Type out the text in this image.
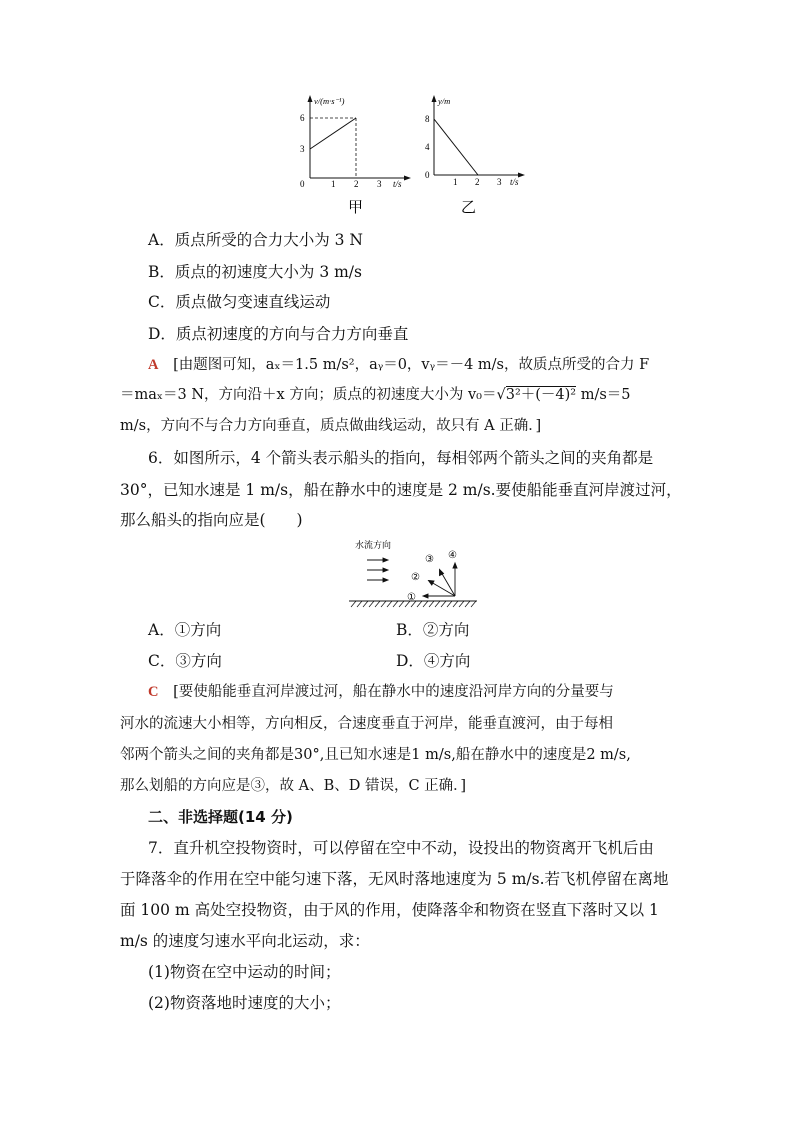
v/(m·s⁻¹)
6
3
0	1 2 3 t/s
甲
y/m
8
4
0
1 2 3 t/s
乙
A．质点所受的合力大小为 3 N
B．质点的初速度大小为 3 m/s
C．质点做匀变速直线运动
D．质点初速度的方向与合力方向垂直
A [由题图可知，aₓ＝1.5 m/s²，aᵧ＝0，vᵧ＝－4 m/s，故质点所受的合力 F
＝maₓ＝3 N，方向沿＋x 方向；质点的初速度大小为 v₀＝√3²＋(－4)² m/s＝5
m/s，方向不与合力方向垂直，质点做曲线运动，故只有 A 正确．]
6．如图所示，4 个箭头表示船头的指向，每相邻两个箭头之间的夹角都是
30°，已知水速是 1 m/s，船在静水中的速度是 2 m/s.要使船能垂直河岸渡过河，
那么船头的指向应是(　　)
水流方向
①
②
③ ④
A．①方向	B．②方向
C．③方向	D．④方向
C [要使船能垂直河岸渡过河，船在静水中的速度沿河岸方向的分量要与
河水的流速大小相等，方向相反，合速度垂直于河岸，能垂直渡河，由于每相
邻两个箭头之间的夹角都是30°,且已知水速是1 m/s,船在静水中的速度是2 m/s,
那么划船的方向应是③，故 A、B、D 错误，C 正确．]
二、非选择题(14 分)
7．直升机空投物资时，可以停留在空中不动，设投出的物资离开飞机后由
于降落伞的作用在空中能匀速下落，无风时落地速度为 5 m/s.若飞机停留在离地
面 100 m 高处空投物资，由于风的作用，使降落伞和物资在竖直下落时又以 1
m/s 的速度匀速水平向北运动，求：
(1)物资在空中运动的时间；
(2)物资落地时速度的大小；
